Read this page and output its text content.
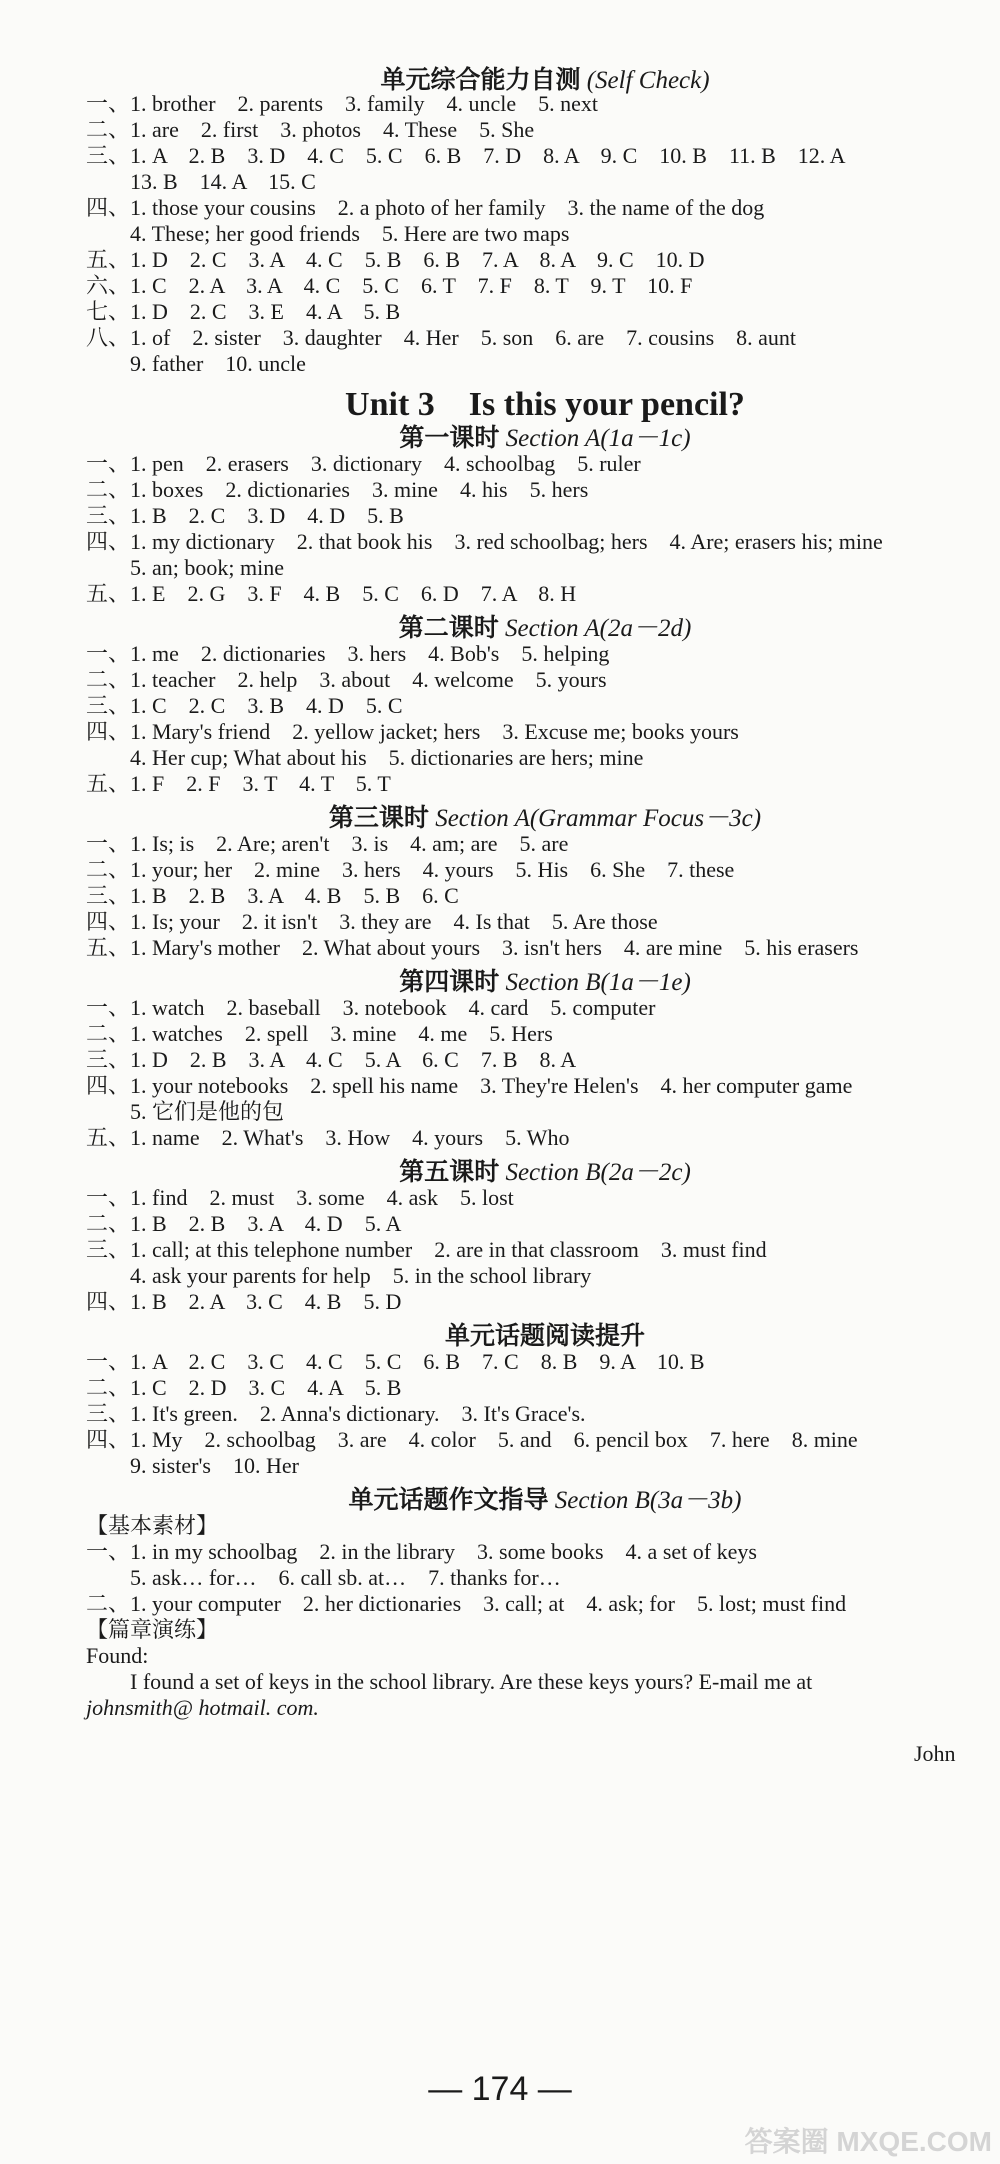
单元综合能力自测 (Self Check)
一、1. brother　2. parents　3. family　4. uncle　5. next
二、1. are　2. first　3. photos　4. These　5. She
三、1. A　2. B　3. D　4. C　5. C　6. B　7. D　8. A　9. C　10. B　11. B　12. A
13. B　14. A　15. C
四、1. those your cousins　2. a photo of her family　3. the name of the dog
4. These; her good friends　5. Here are two maps
五、1. D　2. C　3. A　4. C　5. B　6. B　7. A　8. A　9. C　10. D
六、1. C　2. A　3. A　4. C　5. C　6. T　7. F　8. T　9. T　10. F
七、1. D　2. C　3. E　4. A　5. B
八、1. of　2. sister　3. daughter　4. Her　5. son　6. are　7. cousins　8. aunt
9. father　10. uncle
Unit 3　Is this your pencil?
第一课时 Section A(1a－1c)
一、1. pen　2. erasers　3. dictionary　4. schoolbag　5. ruler
二、1. boxes　2. dictionaries　3. mine　4. his　5. hers
三、1. B　2. C　3. D　4. D　5. B
四、1. my dictionary　2. that book his　3. red schoolbag; hers　4. Are; erasers his; mine
5. an; book; mine
五、1. E　2. G　3. F　4. B　5. C　6. D　7. A　8. H
第二课时 Section A(2a－2d)
一、1. me　2. dictionaries　3. hers　4. Bob's　5. helping
二、1. teacher　2. help　3. about　4. welcome　5. yours
三、1. C　2. C　3. B　4. D　5. C
四、1. Mary's friend　2. yellow jacket; hers　3. Excuse me; books yours
4. Her cup; What about his　5. dictionaries are hers; mine
五、1. F　2. F　3. T　4. T　5. T
第三课时 Section A(Grammar Focus－3c)
一、1. Is; is　2. Are; aren't　3. is　4. am; are　5. are
二、1. your; her　2. mine　3. hers　4. yours　5. His　6. She　7. these
三、1. B　2. B　3. A　4. B　5. B　6. C
四、1. Is; your　2. it isn't　3. they are　4. Is that　5. Are those
五、1. Mary's mother　2. What about yours　3. isn't hers　4. are mine　5. his erasers
第四课时 Section B(1a－1e)
一、1. watch　2. baseball　3. notebook　4. card　5. computer
二、1. watches　2. spell　3. mine　4. me　5. Hers
三、1. D　2. B　3. A　4. C　5. A　6. C　7. B　8. A
四、1. your notebooks　2. spell his name　3. They're Helen's　4. her computer game
5. 它们是他的包
五、1. name　2. What's　3. How　4. yours　5. Who
第五课时 Section B(2a－2c)
一、1. find　2. must　3. some　4. ask　5. lost
二、1. B　2. B　3. A　4. D　5. A
三、1. call; at this telephone number　2. are in that classroom　3. must find
4. ask your parents for help　5. in the school library
四、1. B　2. A　3. C　4. B　5. D
单元话题阅读提升
一、1. A　2. C　3. C　4. C　5. C　6. B　7. C　8. B　9. A　10. B
二、1. C　2. D　3. C　4. A　5. B
三、1. It's green.　2. Anna's dictionary.　3. It's Grace's.
四、1. My　2. schoolbag　3. are　4. color　5. and　6. pencil box　7. here　8. mine
9. sister's　10. Her
单元话题作文指导 Section B(3a－3b)
【基本素材】
一、1. in my schoolbag　2. in the library　3. some books　4. a set of keys
5. ask… for…　6. call sb. at…　7. thanks for…
二、1. your computer　2. her dictionaries　3. call; at　4. ask; for　5. lost; must find
【篇章演练】
Found:
I found a set of keys in the school library. Are these keys yours? E-mail me at
johnsmith@ hotmail. com.
John
— 174 —
答案圈 MXQE.COM
